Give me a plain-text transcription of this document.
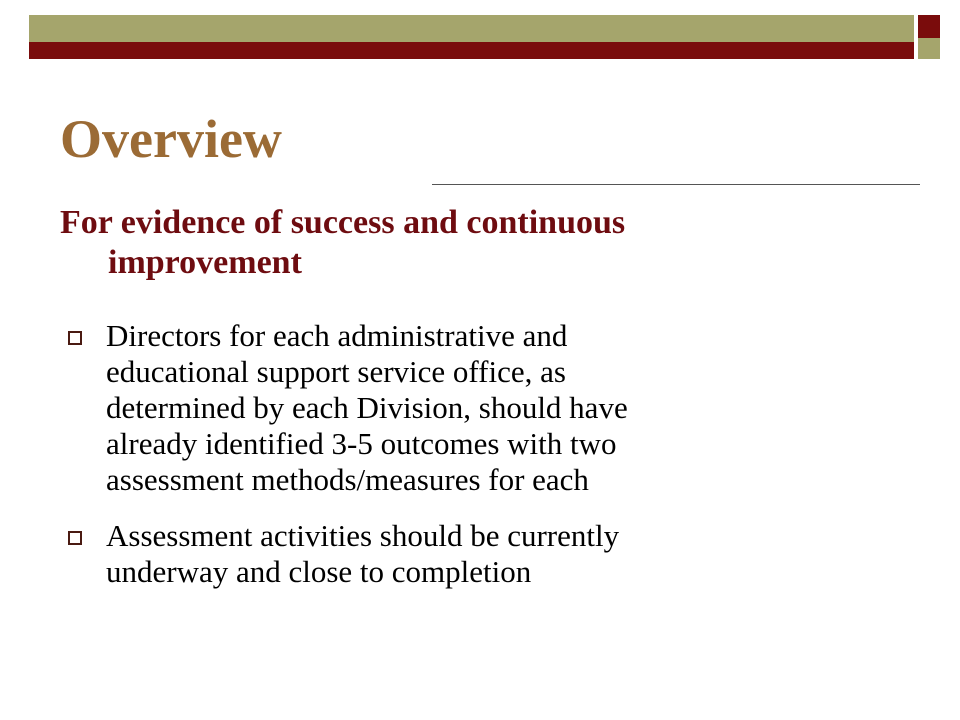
Overview
For evidence of success and continuous
improvement
Directors for each administrative and
educational support service office, as
determined by each Division, should have
already identified 3-5 outcomes with two
assessment methods/measures for each
Assessment activities should be currently
underway and close to completion
